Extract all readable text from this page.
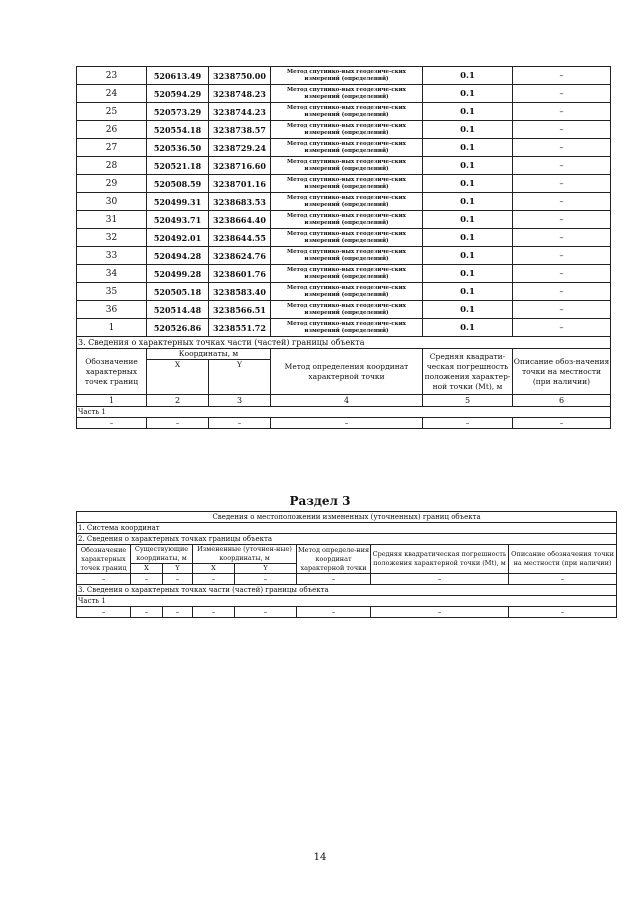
23	520613.49	3238750.00	Метод спутнико-вых геодезиче-ских
измерений (определений)	0.1	–
24	520594.29	3238748.23	Метод спутнико-вых геодезиче-ских
измерений (определений)	0.1	–
25	520573.29	3238744.23	Метод спутнико-вых геодезиче-ских
измерений (определений)	0.1	–
26	520554.18	3238738.57	Метод спутнико-вых геодезиче-ских
измерений (определений)	0.1	–
27	520536.50	3238729.24	Метод спутнико-вых геодезиче-ских
измерений (определений)	0.1	–
28	520521.18	3238716.60	Метод спутнико-вых геодезиче-ских
измерений (определений)	0.1	–
29	520508.59	3238701.16	Метод спутнико-вых геодезиче-ских
измерений (определений)	0.1	–
30	520499.31	3238683.53	Метод спутнико-вых геодезиче-ских
измерений (определений)	0.1	–
31	520493.71	3238664.40	Метод спутнико-вых геодезиче-ских
измерений (определений)	0.1	–
32	520492.01	3238644.55	Метод спутнико-вых геодезиче-ских
измерений (определений)	0.1	–
33	520494.28	3238624.76	Метод спутнико-вых геодезиче-ских
измерений (определений)	0.1	–
34	520499.28	3238601.76	Метод спутнико-вых геодезиче-ских
измерений (определений)	0.1	–
35	520505.18	3238583.40	Метод спутнико-вых геодезиче-ских
измерений (определений)	0.1	–
36	520514.48	3238566.51	Метод спутнико-вых геодезиче-ских
измерений (определений)	0.1	–
1	520526.86	3238551.72	Метод спутнико-вых геодезиче-ских
измерений (определений)	0.1	–
3. Сведения о характерных точках части (частей) границы объекта					
Обозначение характерных точек границ	Координаты, м		Метод определения координат характерной точки	Средняя квадрати-ческая погрешность положения характер-ной точки (Mt), м	Описание обоз-начения точки на местности (при наличии)
	X	Y			
1	2	3	4	5	6
Часть 1					
–	–	–	–	–	–
Раздел 3
Сведения о местоположении измененных (уточненных) границ объекта							
1. Система координат							
2. Сведения о характерных точках границы объекта							
Обозначение характерных точек границ	Существующие координаты, м		Измененные (уточнен-ные) координаты, м		Метод определе-ния координат характерной точки	Средняя квадратическая погрешность положения характерной точки (Mt), м	Описание обозначения точки на местности (при наличии)
	X	Y	X	Y			
–	–	–	–	–	–	–	–
3. Сведения о характерных точках части (частей) границы объекта							
Часть 1							
–	–	–	–	–	–	–	–
14
